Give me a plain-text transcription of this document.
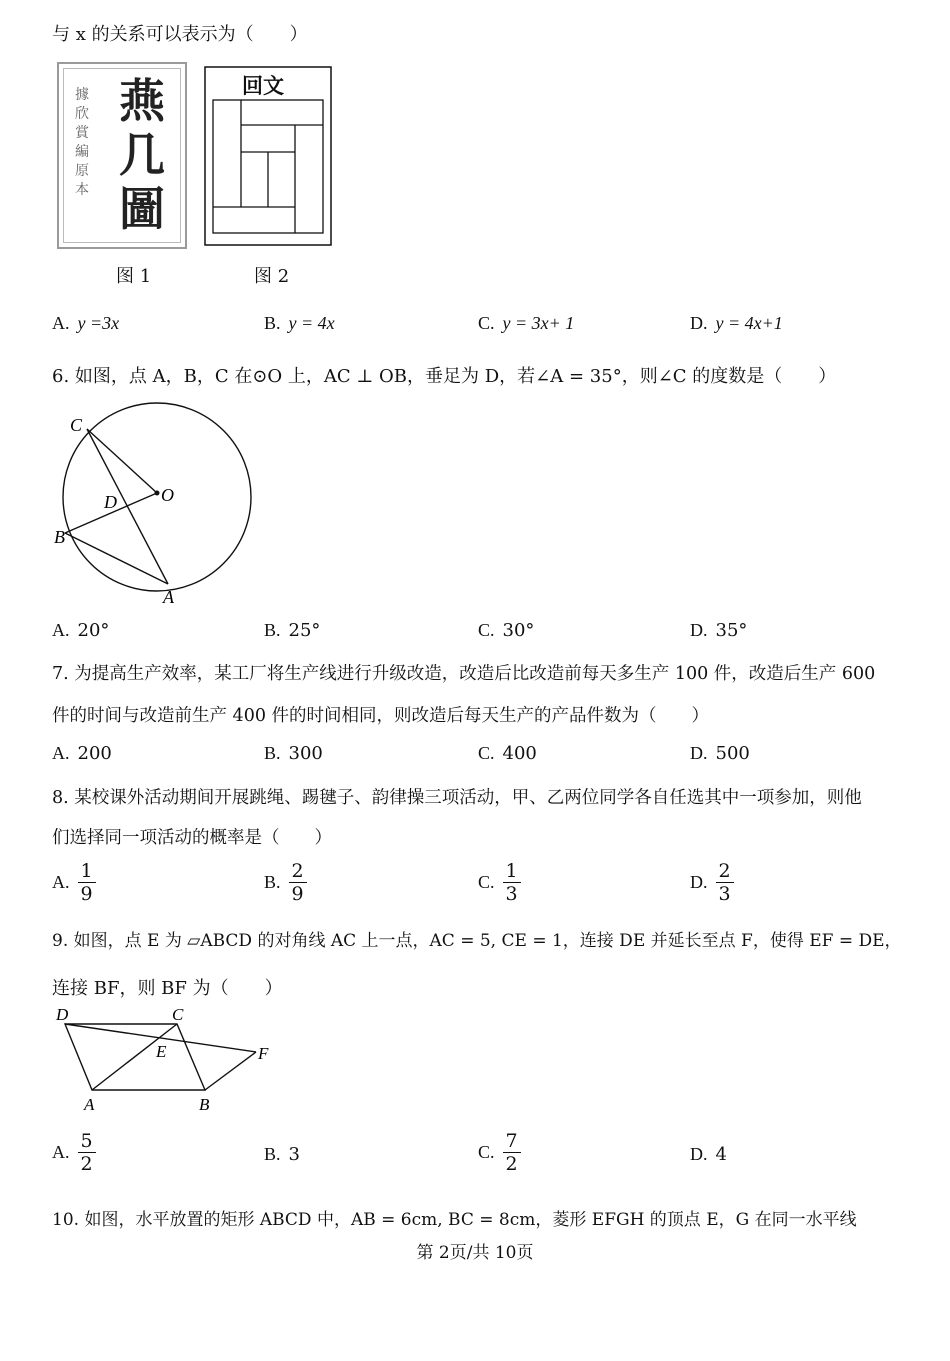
与 x 的关系可以表示为（　　）
據
欣
賞
編
原
本
燕
几
圖
图 1
回文
图 2
A. y =3x	B. y = 4x	C. y = 3x+ 1	D. y = 4x+1
6. 如图，点 A，B，C 在⊙O 上，AC ⊥ OB，垂足为 D，若∠A = 35°，则∠C 的度数是（　　）
C
D O
B
A
A. 20°	B. 25°	C. 30°	D. 35°
7. 为提高生产效率，某工厂将生产线进行升级改造，改造后比改造前每天多生产 100 件，改造后生产 600
件的时间与改造前生产 400 件的时间相同，则改造后每天生产的产品件数为（　　）
A. 200	B. 300	C. 400	D. 500
8. 某校课外活动期间开展跳绳、踢毽子、韵律操三项活动，甲、乙两位同学各自任选其中一项参加，则他
们选择同一项活动的概率是（　　）
A. $\frac{1}{9}$	B. $\frac{2}{9}$	C. $\frac{1}{3}$	D. $\frac{2}{3}$
9. 如图，点 E 为 ▱ABCD 的对角线 AC 上一点，AC = 5, CE = 1，连接 DE 并延长至点 F，使得 EF = DE，
连接 BF，则 BF 为（　　）
D	C
E	F
A	B
A. $\frac{5}{2}$	B. 3	C. $\frac{7}{2}$	D. 4
10. 如图，水平放置的矩形 ABCD 中，AB = 6cm, BC = 8cm，菱形 EFGH 的顶点 E，G 在同一水平线
第 2页/共 10页
